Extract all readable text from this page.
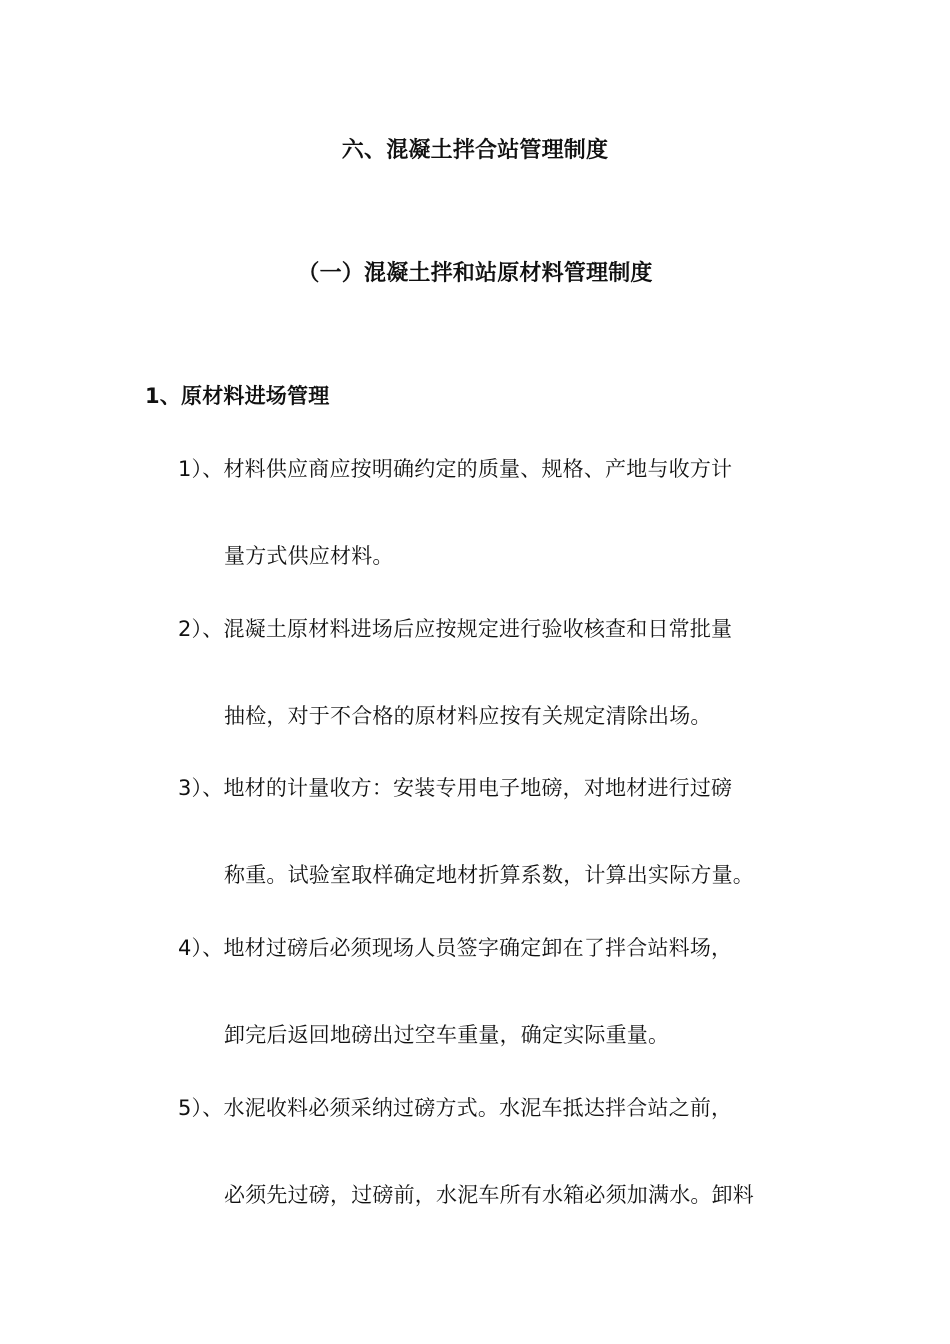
六、混凝土拌合站管理制度
（一）混凝土拌和站原材料管理制度
1、原材料进场管理
1）、材料供应商应按明确约定的质量、规格、产地与收方计
量方式供应材料。
2）、混凝土原材料进场后应按规定进行验收核查和日常批量
抽检，对于不合格的原材料应按有关规定清除出场。
3）、地材的计量收方：安装专用电子地磅，对地材进行过磅
称重。试验室取样确定地材折算系数，计算出实际方量。
4）、地材过磅后必须现场人员签字确定卸在了拌合站料场，
卸完后返回地磅出过空车重量，确定实际重量。
5）、水泥收料必须采纳过磅方式。水泥车抵达拌合站之前，
必须先过磅，过磅前，水泥车所有水箱必须加满水。卸料
